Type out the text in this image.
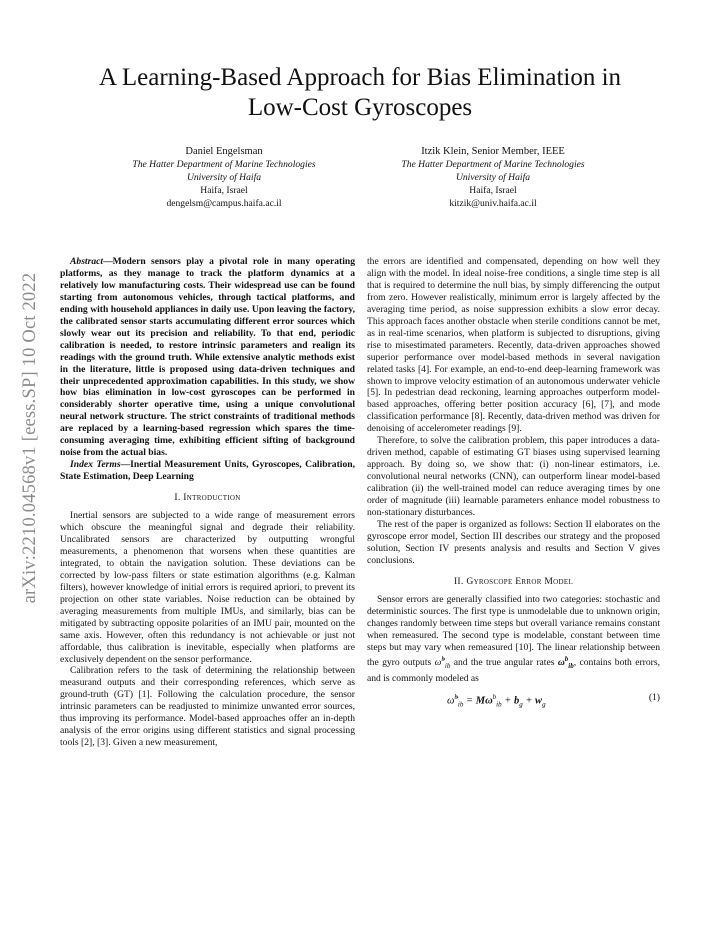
A Learning-Based Approach for Bias Elimination in
Low-Cost Gyroscopes
Daniel Engelsman
The Hatter Department of Marine Technologies
University of Haifa
Haifa, Israel
dengelsm@campus.haifa.ac.il
Itzik Klein, Senior Member, IEEE
The Hatter Department of Marine Technologies
University of Haifa
Haifa, Israel
kitzik@univ.haifa.ac.il
arXiv:2210.04568v1 [eess.SP] 10 Oct 2022

Abstract—Modern sensors play a pivotal role in many operating platforms, as they manage to track the platform dynamics at a relatively low manufacturing costs. Their widespread use can be found starting from autonomous vehicles, through tactical platforms, and ending with household appliances in daily use. Upon leaving the factory, the calibrated sensor starts accumulating different error sources which slowly wear out its precision and reliability. To that end, periodic calibration is needed, to restore intrinsic parameters and realign its readings with the ground truth. While extensive analytic methods exist in the literature, little is proposed using data-driven techniques and their unprecedented approximation capabilities. In this study, we show how bias elimination in low-cost gyroscopes can be performed in considerably shorter operative time, using a unique convolutional neural network structure. The strict constraints of traditional methods are replaced by a learning-based regression which spares the time-consuming averaging time, exhibiting efficient sifting of background noise from the actual bias.

Index Terms—Inertial Measurement Units, Gyroscopes, Calibration, State Estimation, Deep Learning

I. Introduction

Inertial sensors are subjected to a wide range of measurement errors which obscure the meaningful signal and degrade their reliability. Uncalibrated sensors are characterized by outputting wrongful measurements, a phenomenon that worsens when these quantities are integrated, to obtain the navigation solution. These deviations can be corrected by low-pass filters or state estimation algorithms (e.g. Kalman filters), however knowledge of initial errors is required apriori, to prevent its projection on other state variables. Noise reduction can be obtained by averaging measurements from multiple IMUs, and similarly, bias can be mitigated by subtracting opposite polarities of an IMU pair, mounted on the same axis. However, often this redundancy is not achievable or just not affordable, thus calibration is inevitable, especially when platforms are exclusively dependent on the sensor performance.

Calibration refers to the task of determining the relationship between measurand outputs and their corresponding references, which serve as ground-truth (GT) [1]. Following the calculation procedure, the sensor intrinsic parameters can be readjusted to minimize unwanted error sources, thus improving its performance. Model-based approaches offer an in-depth analysis of the error origins using different statistics and signal processing tools [2], [3]. Given a new measurement,

the errors are identified and compensated, depending on how well they align with the model. In ideal noise-free conditions, a single time step is all that is required to determine the null bias, by simply differencing the output from zero. However realistically, minimum error is largely affected by the averaging time period, as noise suppression exhibits a slow error decay. This approach faces another obstacle when sterile conditions cannot be met, as in real-time scenarios, when platform is subjected to disruptions, giving rise to misestimated parameters. Recently, data-driven approaches showed superior performance over model-based methods in several navigation related tasks [4]. For example, an end-to-end deep-learning framework was shown to improve velocity estimation of an autonomous underwater vehicle [5]. In pedestrian dead reckoning, learning approaches outperform model-based approaches, offering better position accuracy [6], [7], and mode classification performance [8]. Recently, data-driven method was driven for denoising of accelerometer readings [9].

Therefore, to solve the calibration problem, this paper introduces a data-driven method, capable of estimating GT biases using supervised learning approach. By doing so, we show that: (i) non-linear estimators, i.e. convolutional neural networks (CNN), can outperform linear model-based calibration (ii) the well-trained model can reduce averaging times by one order of magnitude (iii) learnable parameters enhance model robustness to non-stationary disturbances.

The rest of the paper is organized as follows: Section II elaborates on the gyroscope error model, Section III describes our strategy and the proposed solution, Section IV presents analysis and results and Section V gives conclusions.

II. Gyroscope Error Model

Sensor errors are generally classified into two categories: stochastic and deterministic sources. The first type is unmodelable due to unknown origin, changes randomly between time steps but overall variance remains constant when remeasured. The second type is modelable, constant between time steps but may vary when remeasured [10]. The linear relationship between the gyro outputs ω̃$^b_{ib}$ and the true angular rates $\omega^b_{ib}$, contains both errors, and is commonly modeled as

ω̃$^b_{ib}$ = $M\omega^b_{ib} + b_g + w_g$
(1)
